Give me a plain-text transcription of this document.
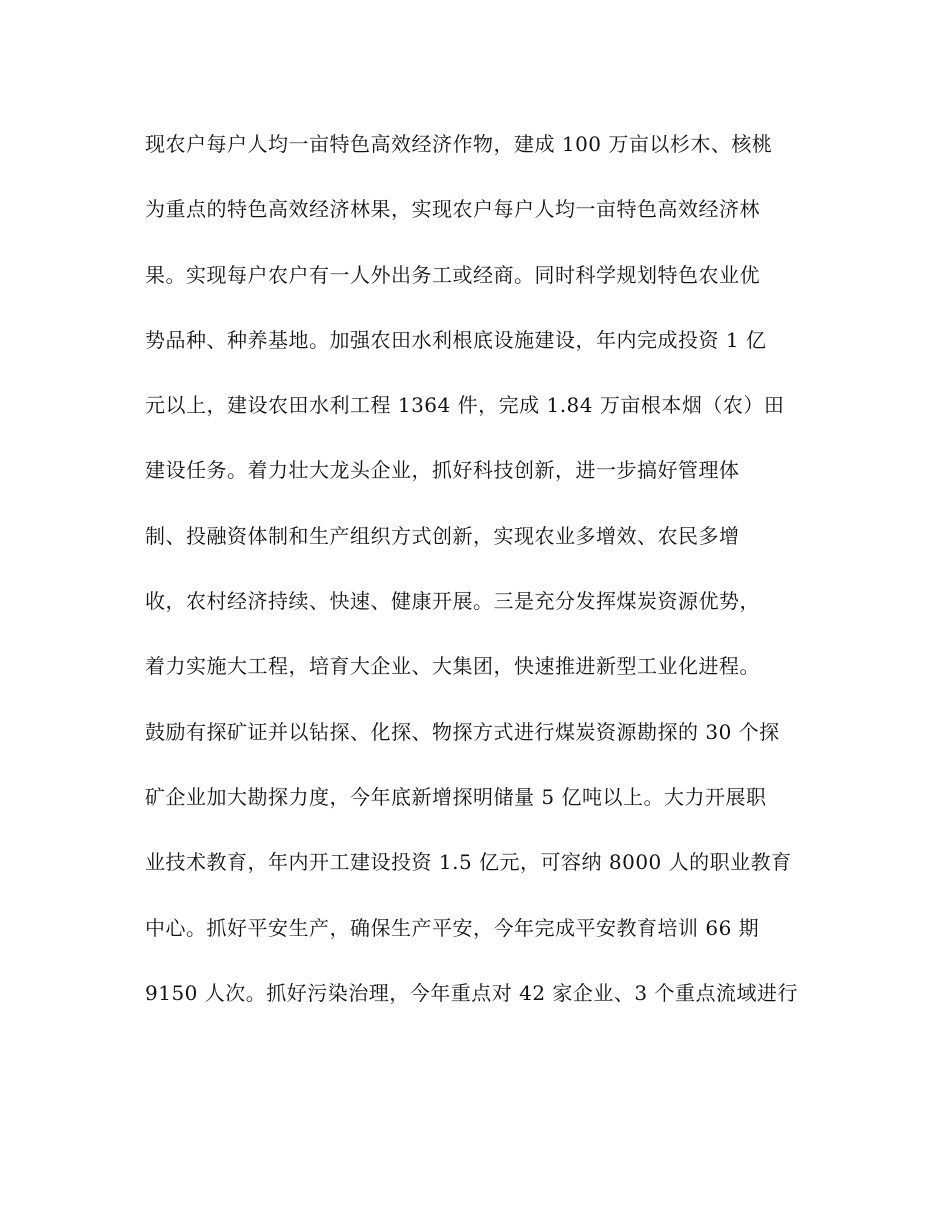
现农户每户人均一亩特色高效经济作物，建成 100 万亩以杉木、核桃
为重点的特色高效经济林果，实现农户每户人均一亩特色高效经济林
果。实现每户农户有一人外出务工或经商。同时科学规划特色农业优
势品种、种养基地。加强农田水利根底设施建设，年内完成投资 1 亿
元以上，建设农田水利工程 1364 件，完成 1.84 万亩根本烟（农）田
建设任务。着力壮大龙头企业，抓好科技创新，进一步搞好管理体
制、投融资体制和生产组织方式创新，实现农业多增效、农民多增
收，农村经济持续、快速、健康开展。三是充分发挥煤炭资源优势，
着力实施大工程，培育大企业、大集团，快速推进新型工业化进程。
鼓励有探矿证并以钻探、化探、物探方式进行煤炭资源勘探的 30 个探
矿企业加大勘探力度，今年底新增探明储量 5 亿吨以上。大力开展职
业技术教育，年内开工建设投资 1.5 亿元，可容纳 8000 人的职业教育
中心。抓好平安生产，确保生产平安，今年完成平安教育培训 66 期
9150 人次。抓好污染治理，今年重点对 42 家企业、3 个重点流域进行
